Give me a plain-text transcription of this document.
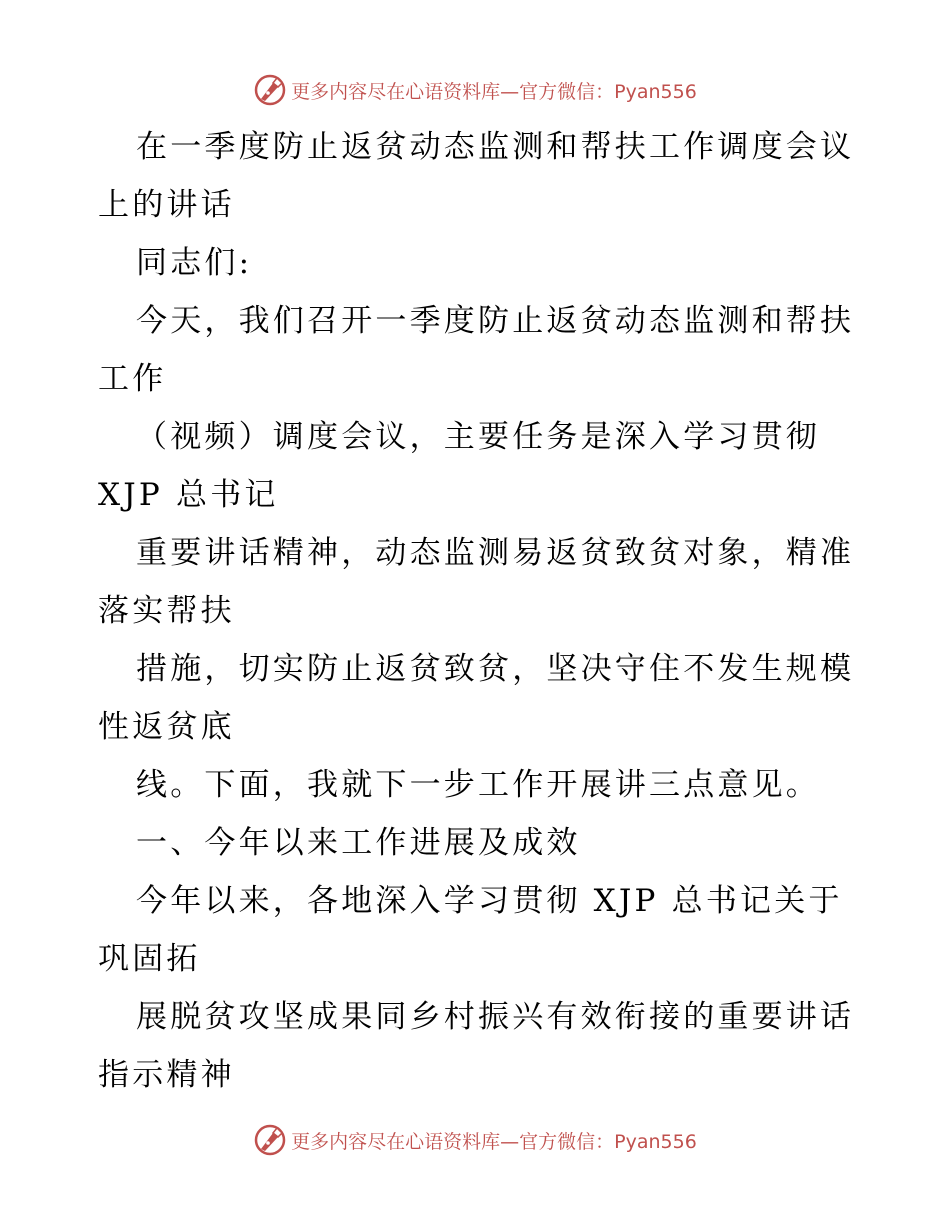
更多内容尽在心语资料库—官方微信：Pyan556
在一季度防止返贫动态监测和帮扶工作调度会议
上的讲话
同志们:
今天，我们召开一季度防止返贫动态监测和帮扶
工作
（视频）调度会议，主要任务是深入学习贯彻
XJP 总书记
重要讲话精神，动态监测易返贫致贫对象，精准
落实帮扶
措施，切实防止返贫致贫，坚决守住不发生规模
性返贫底
线。下面，我就下一步工作开展讲三点意见。
一、今年以来工作进展及成效
今年以来，各地深入学习贯彻 XJP 总书记关于
巩固拓
展脱贫攻坚成果同乡村振兴有效衔接的重要讲话
指示精神
更多内容尽在心语资料库—官方微信：Pyan556
